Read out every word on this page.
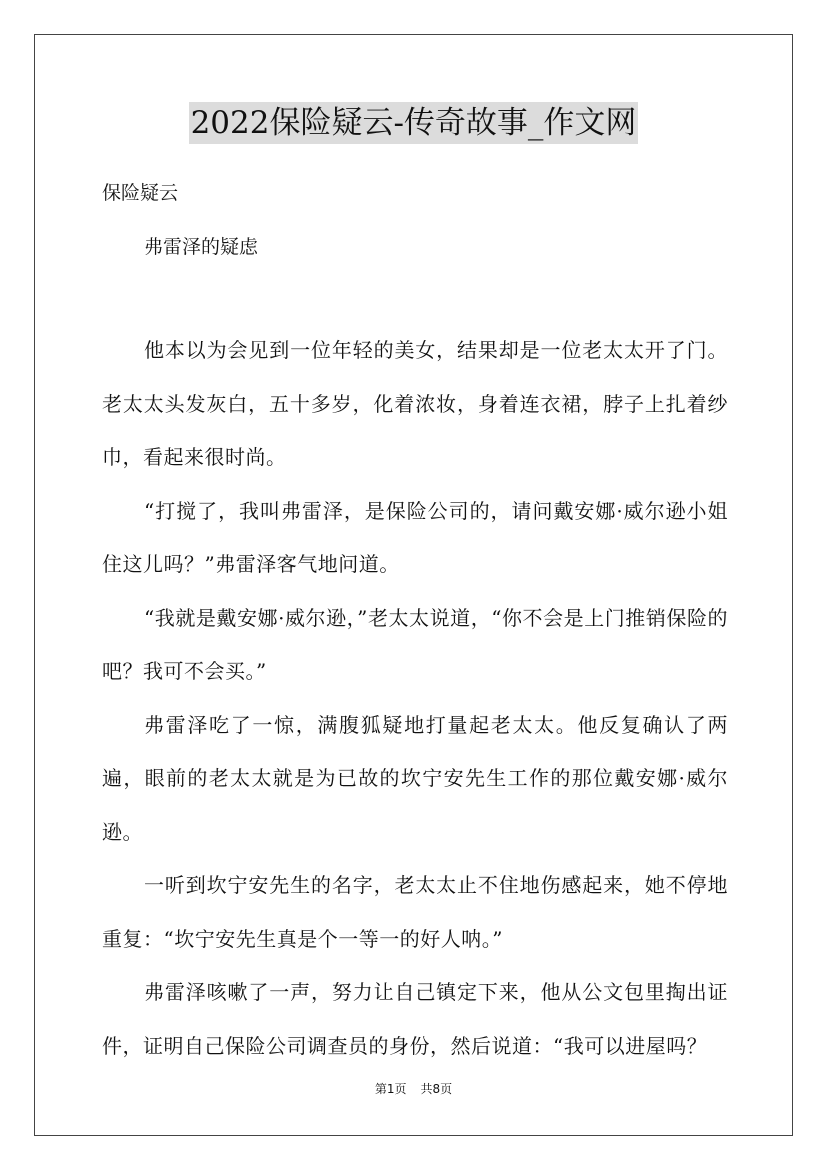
2022保险疑云-传奇故事_作文网

保险疑云

弗雷泽的疑虑

他本以为会见到一位年轻的美女，结果却是一位老太太开了门。老太太头发灰白，五十多岁，化着浓妆，身着连衣裙，脖子上扎着纱巾，看起来很时尚。

“打搅了，我叫弗雷泽，是保险公司的，请问戴安娜·威尔逊小姐住这儿吗？”弗雷泽客气地问道。

“我就是戴安娜·威尔逊，”老太太说道，“你不会是上门推销保险的吧？我可不会买。”

弗雷泽吃了一惊，满腹狐疑地打量起老太太。他反复确认了两遍，眼前的老太太就是为已故的坎宁安先生工作的那位戴安娜·威尔逊。

一听到坎宁安先生的名字，老太太止不住地伤感起来，她不停地重复：“坎宁安先生真是个一等一的好人呐。”

弗雷泽咳嗽了一声，努力让自己镇定下来，他从公文包里掏出证件，证明自己保险公司调查员的身份，然后说道：“我可以进屋吗？

第1页 共8页
